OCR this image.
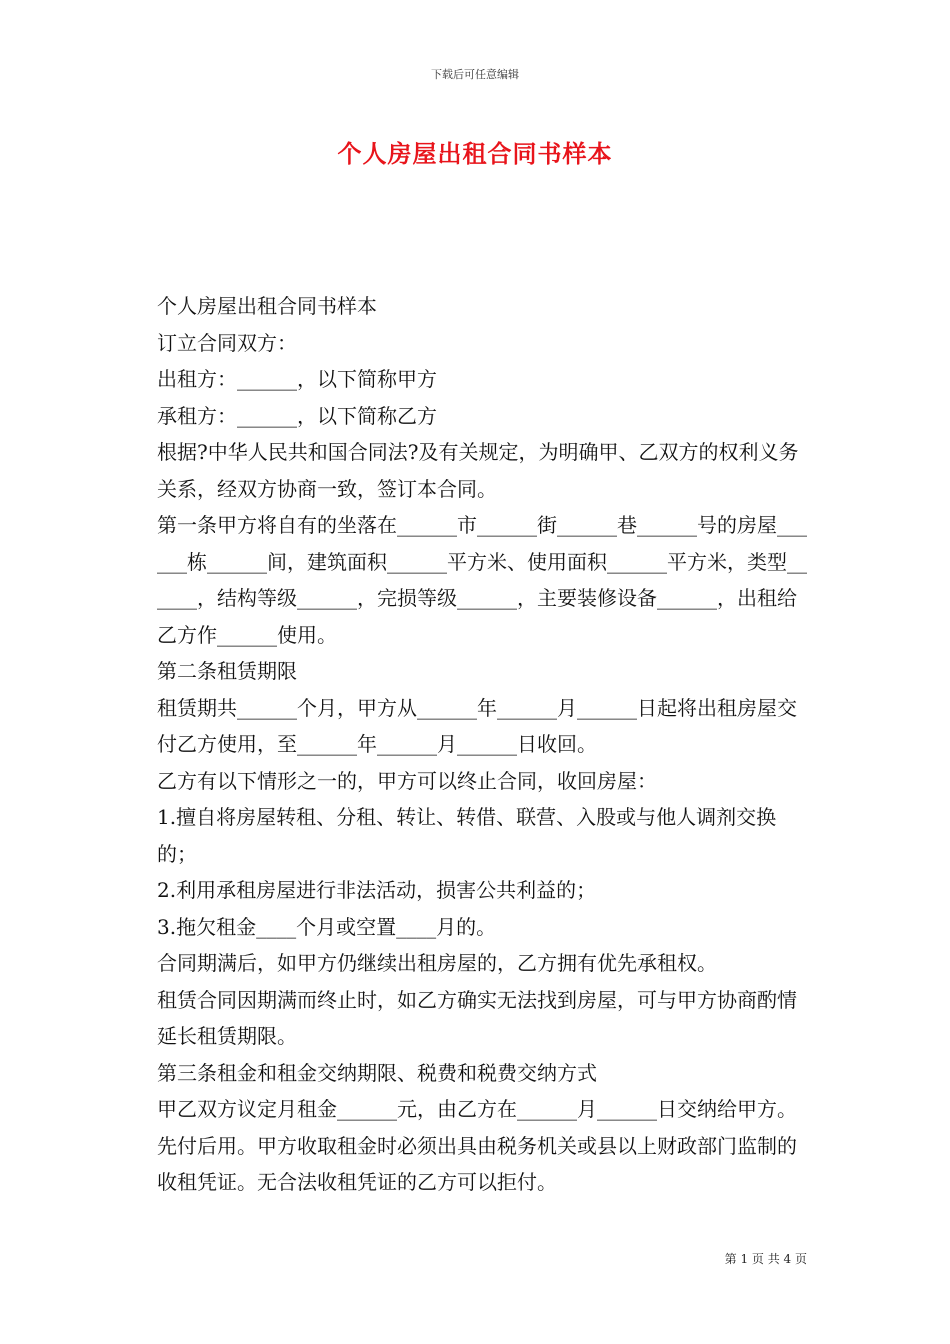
下载后可任意编辑
个人房屋出租合同书样本

个人房屋出租合同书样本

订立合同双方：

出租方：______，以下简称甲方

承租方：______，以下简称乙方

根据?中华人民共和国合同法?及有关规定，为明确甲、乙双方的权利义务关系，经双方协商一致，签订本合同。

第一条甲方将自有的坐落在______市______街______巷______号的房屋______栋______间，建筑面积______平方米、使用面积______平方米，类型______，结构等级______，完损等级______，主要装修设备______，出租给乙方作______使用。

第二条租赁期限

租赁期共______个月，甲方从______年______月______日起将出租房屋交付乙方使用，至______年______月______日收回。

乙方有以下情形之一的，甲方可以终止合同，收回房屋：

1.擅自将房屋转租、分租、转让、转借、联营、入股或与他人调剂交换的；

2.利用承租房屋进行非法活动，损害公共利益的；

3.拖欠租金____个月或空置____月的。

合同期满后，如甲方仍继续出租房屋的，乙方拥有优先承租权。

租赁合同因期满而终止时，如乙方确实无法找到房屋，可与甲方协商酌情延长租赁期限。

第三条租金和租金交纳期限、税费和税费交纳方式

甲乙双方议定月租金______元，由乙方在______月______日交纳给甲方。先付后用。甲方收取租金时必须出具由税务机关或县以上财政部门监制的收租凭证。无合法收租凭证的乙方可以拒付。

第 1 页 共 4 页
